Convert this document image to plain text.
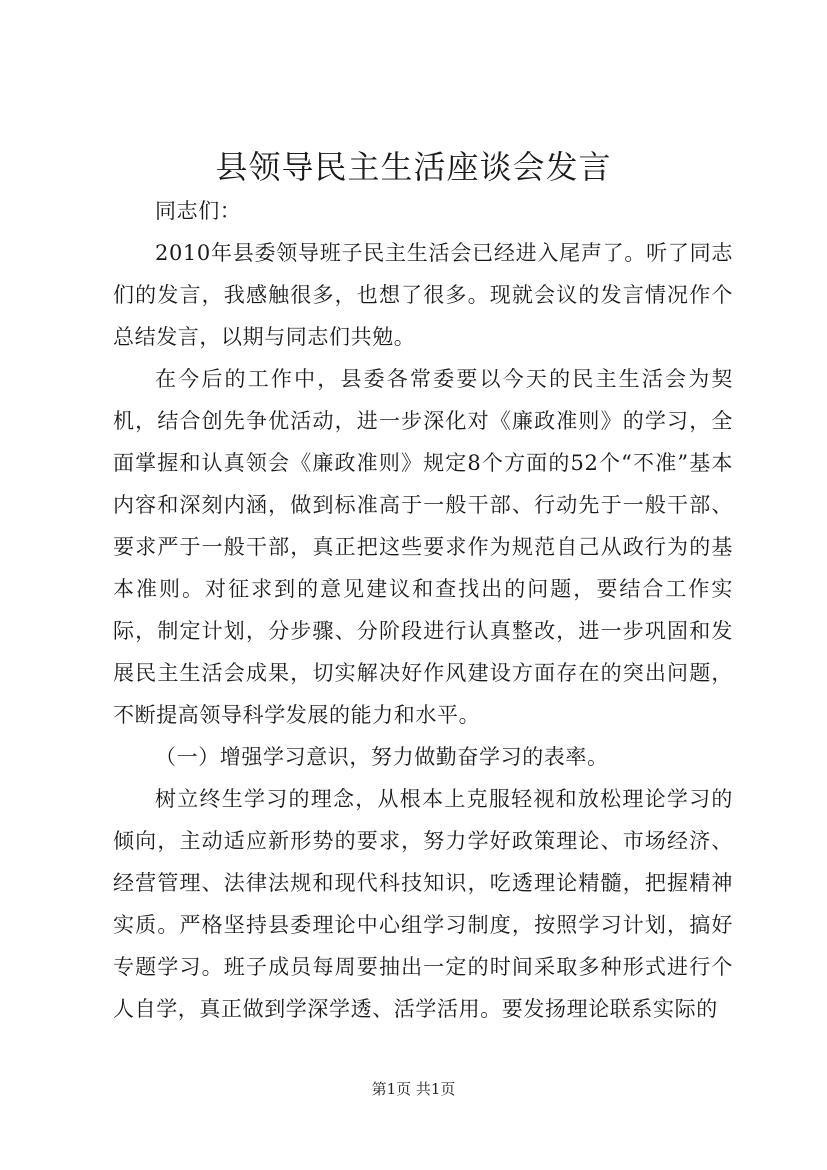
县领导民主生活座谈会发言

同志们：

2010年县委领导班子民主生活会已经进入尾声了。听了同志们的发言，我感触很多，也想了很多。现就会议的发言情况作个总结发言，以期与同志们共勉。

在今后的工作中，县委各常委要以今天的民主生活会为契机，结合创先争优活动，进一步深化对《廉政准则》的学习，全面掌握和认真领会《廉政准则》规定8个方面的52个“不准”基本内容和深刻内涵，做到标准高于一般干部、行动先于一般干部、要求严于一般干部，真正把这些要求作为规范自己从政行为的基本准则。对征求到的意见建议和查找出的问题，要结合工作实际，制定计划，分步骤、分阶段进行认真整改，进一步巩固和发展民主生活会成果，切实解决好作风建设方面存在的突出问题，不断提高领导科学发展的能力和水平。

（一）增强学习意识，努力做勤奋学习的表率。

树立终生学习的理念，从根本上克服轻视和放松理论学习的倾向，主动适应新形势的要求，努力学好政策理论、市场经济、经营管理、法律法规和现代科技知识，吃透理论精髓，把握精神实质。严格坚持县委理论中心组学习制度，按照学习计划，搞好专题学习。班子成员每周要抽出一定的时间采取多种形式进行个人自学，真正做到学深学透、活学活用。要发扬理论联系实际的

第1页 共1页
